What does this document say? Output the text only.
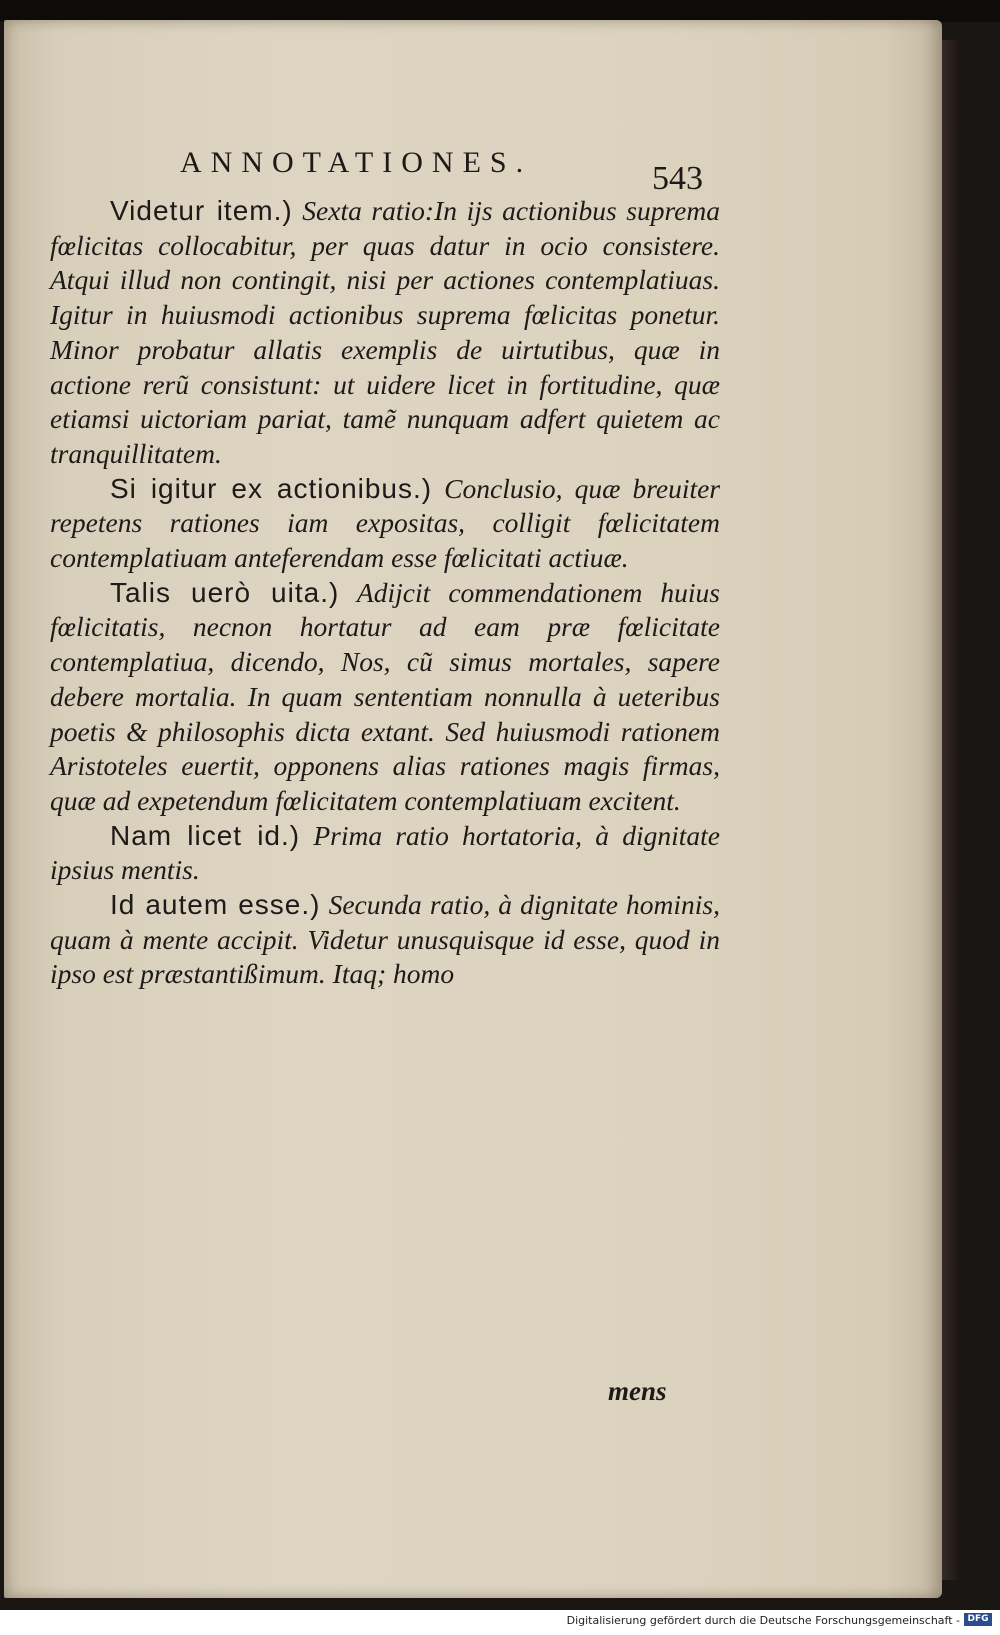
ANNOTATIONES.	543

Videtur item.) Sexta ratio:In ijs actionibus suprema fœlicitas collocabitur, per quas datur in ocio consistere. Atqui illud non contingit, nisi per actiones contemplatiuas. Igitur in huiusmodi actionibus suprema fœlicitas ponetur. Minor probatur allatis exemplis de uirtutibus, quæ in actione rerũ consistunt: ut uidere licet in fortitudine, quæ etiamsi uictoriam pariat, tamẽ nunquam adfert quietem ac tranquillitatem.

Si igitur ex actionibus.) Conclusio, quæ breuiter repetens rationes iam expositas, colligit fœlicitatem contemplatiuam anteferendam esse fœlicitati actiuæ.

Talis uerò uita.) Adijcit commendationem huius fœlicitatis, necnon hortatur ad eam præ fœlicitate contemplatiua, dicendo, Nos, cũ simus mortales, sapere debere mortalia. In quam sententiam nonnulla à ueteribus poetis & philosophis dicta extant. Sed huiusmodi rationem Aristoteles euertit, opponens alias rationes magis firmas, quæ ad expetendum fœlicitatem contemplatiuam excitent.

Nam licet id.) Prima ratio hortatoria, à dignitate ipsius mentis.

Id autem esse.) Secunda ratio, à dignitate hominis, quam à mente accipit. Videtur unusquisque id esse, quod in ipso est præstantißimum. Itaq; homo

mens
Digitalisierung gefördert durch die Deutsche Forschungsgemeinschaft - DFG
